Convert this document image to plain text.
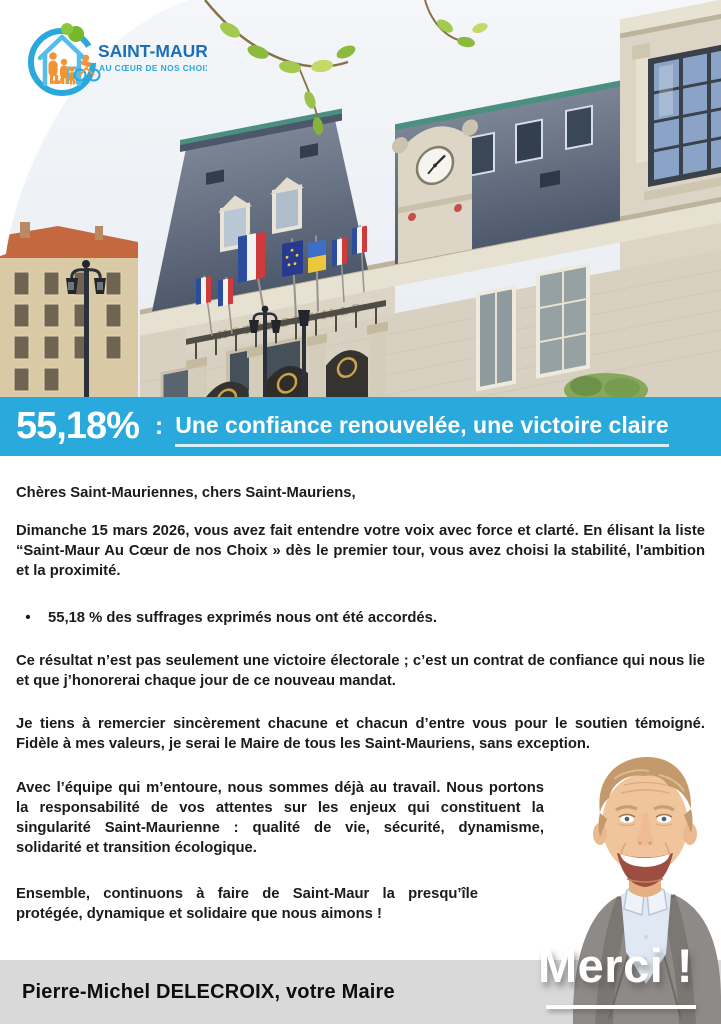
SAINT-MAUR !
AU CŒUR DE NOS CHOIX
55,18% : Une confiance renouvelée, une victoire claire

Chères Saint-Mauriennes, chers Saint-Mauriens,

Dimanche 15 mars 2026, vous avez fait entendre votre voix avec force et clarté. En élisant la liste “Saint-Maur Au Cœur de nos Choix » dès le premier tour, vous avez choisi la stabilité, l'ambition et la proximité.

• 55,18 % des suffrages exprimés nous ont été accordés.

Ce résultat n’est pas seulement une victoire électorale ; c’est un contrat de confiance qui nous lie et que j’honorerai chaque jour de ce nouveau mandat.

Je tiens à remercier sincèrement chacune et chacun d’entre vous pour le soutien témoigné. Fidèle à mes valeurs, je serai le Maire de tous les Saint-Mauriens, sans exception.

Avec l’équipe qui m’entoure, nous sommes déjà au travail. Nous portons la responsabilité de vos attentes sur les enjeux qui constituent la singularité Saint-Maurienne : qualité de vie, sécurité, dynamisme, solidarité et transition écologique.

Ensemble, continuons à faire de Saint-Maur la presqu’île protégée, dynamique et solidaire que nous aimons !

Pierre-Michel DELECROIX, votre Maire	Merci !
